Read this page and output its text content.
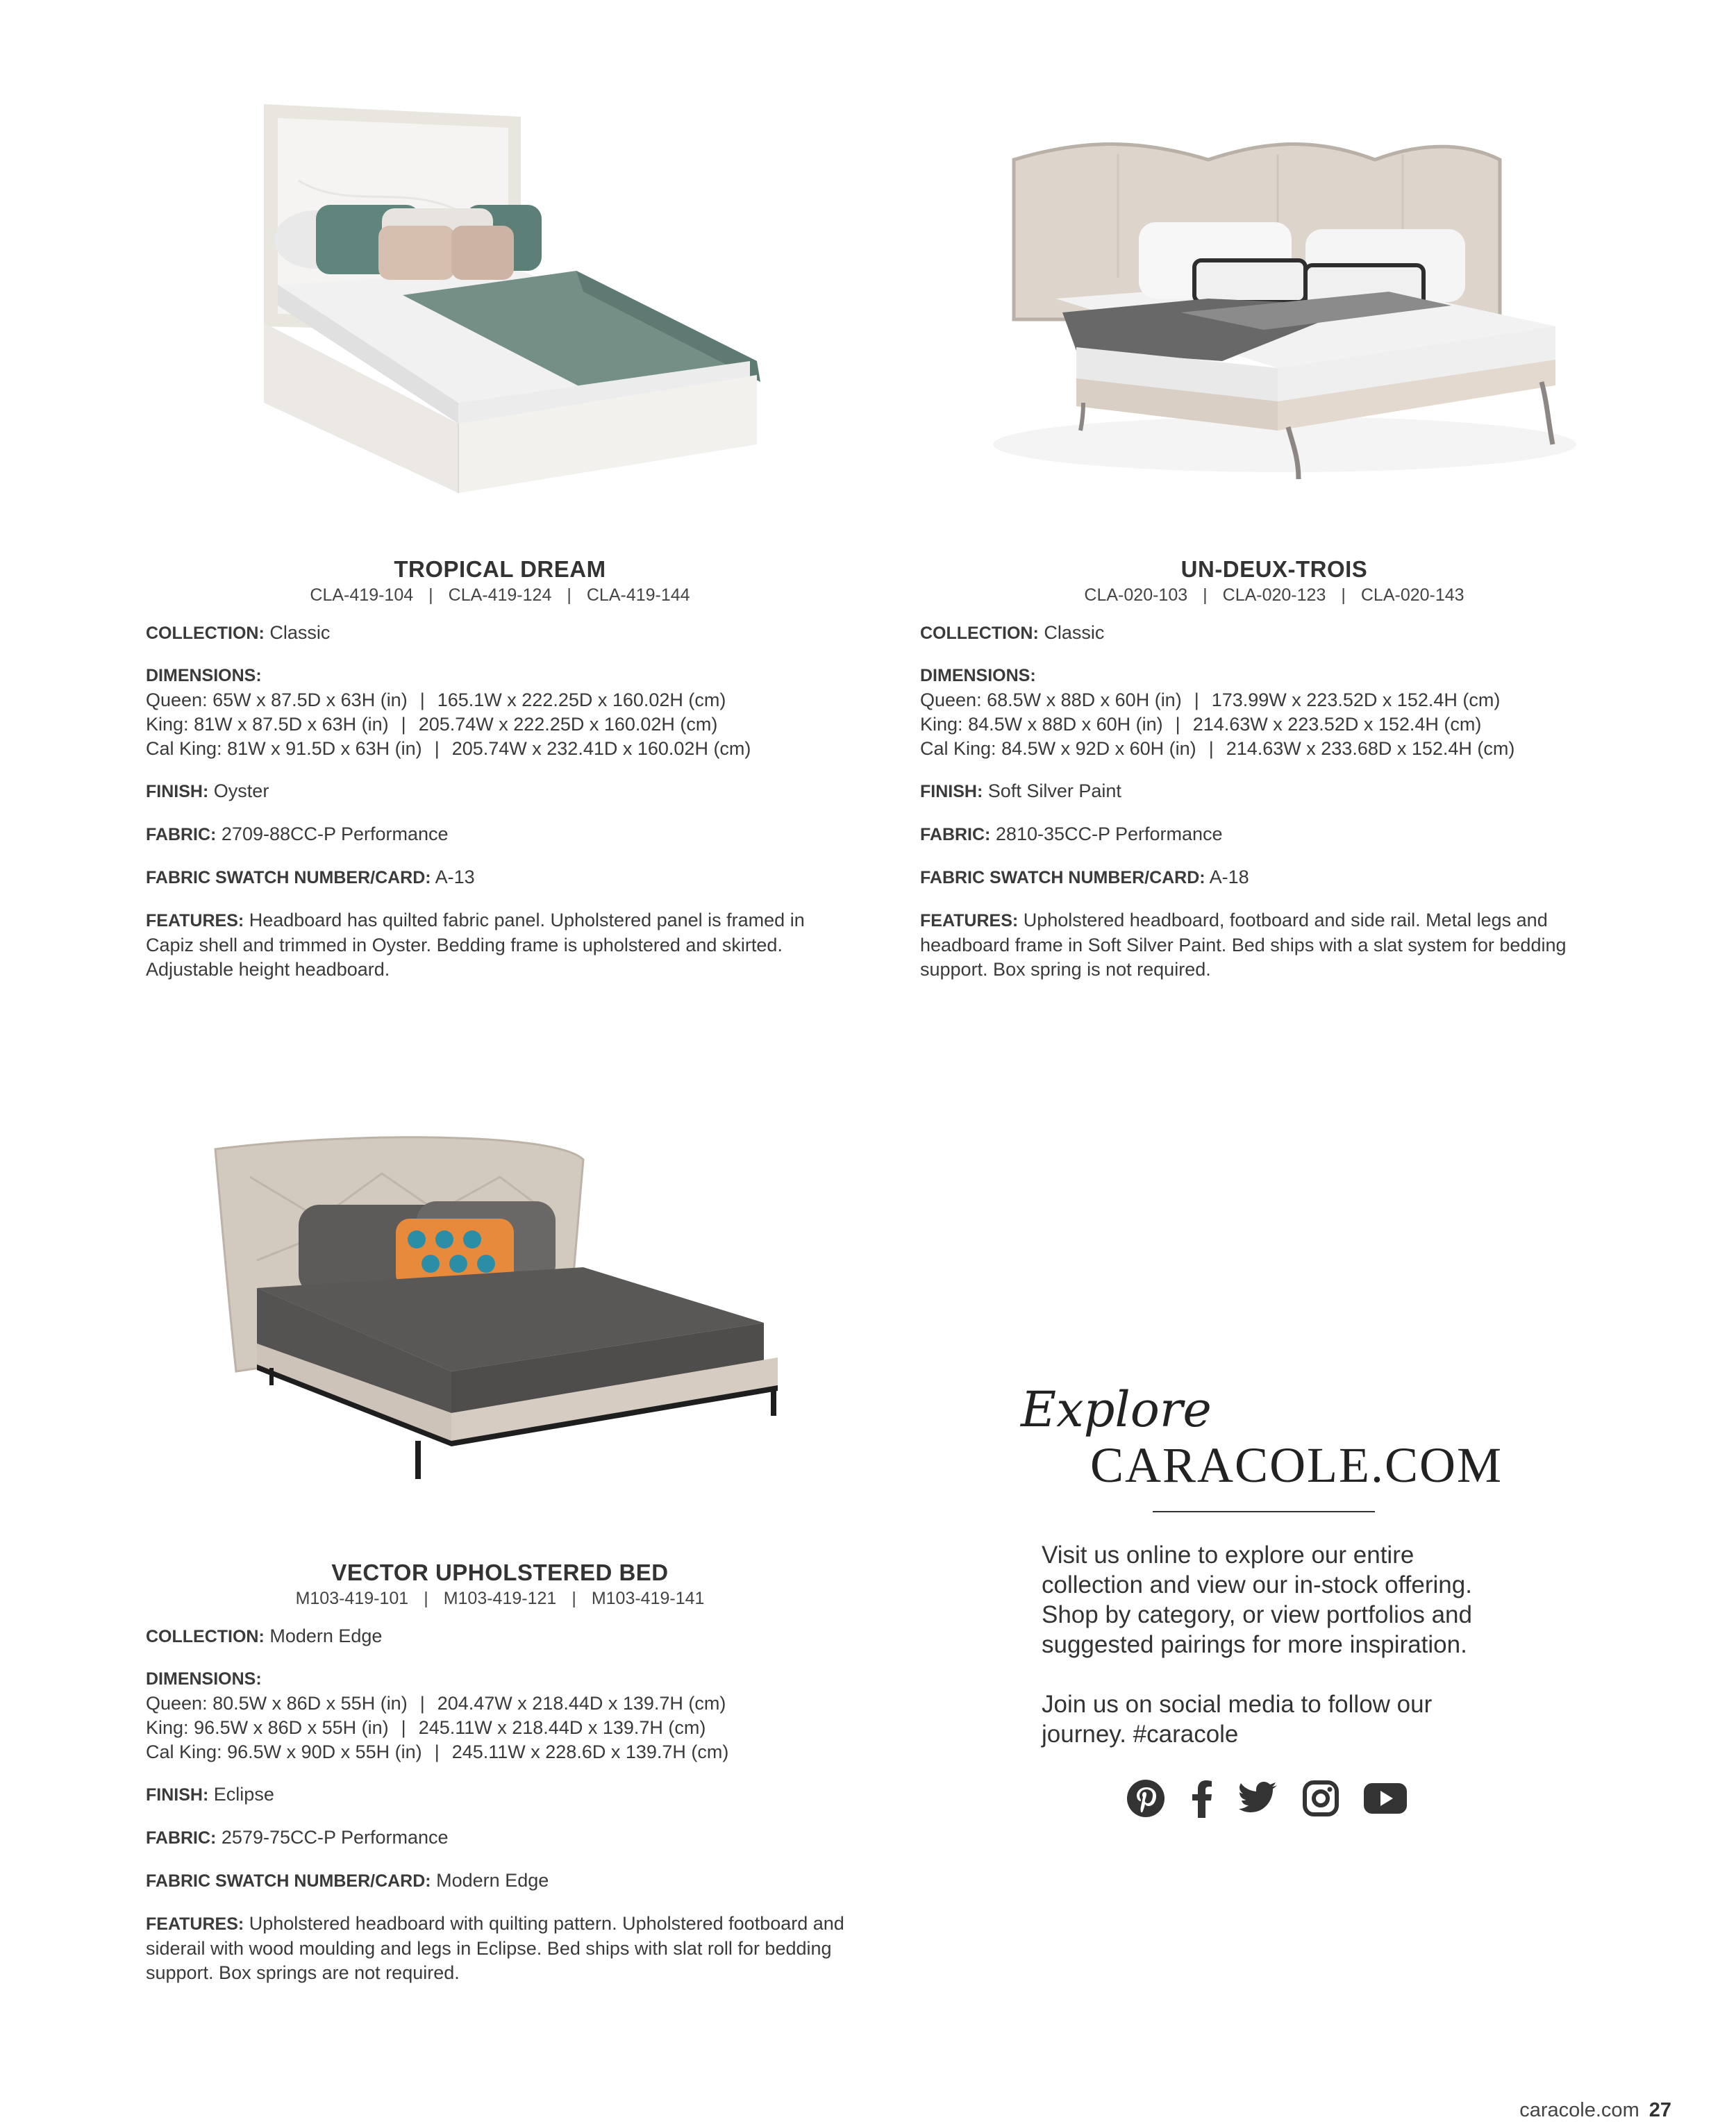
TROPICAL DREAM
CLA-419-104 | CLA-419-124 | CLA-419-144
COLLECTION: Classic
DIMENSIONS:
Queen: 65W x 87.5D x 63H (in) | 165.1W x 222.25D x 160.02H (cm)
King: 81W x 87.5D x 63H (in) | 205.74W x 222.25D x 160.02H (cm)
Cal King: 81W x 91.5D x 63H (in) | 205.74W x 232.41D x 160.02H (cm)
FINISH: Oyster
FABRIC: 2709-88CC-P Performance
FABRIC SWATCH NUMBER/CARD: A-13
FEATURES: Headboard has quilted fabric panel. Upholstered panel is framed in Capiz shell and trimmed in Oyster. Bedding frame is upholstered and skirted. Adjustable height headboard.
UN-DEUX-TROIS
CLA-020-103 | CLA-020-123 | CLA-020-143
COLLECTION: Classic
DIMENSIONS:
Queen: 68.5W x 88D x 60H (in) | 173.99W x 223.52D x 152.4H (cm)
King: 84.5W x 88D x 60H (in) | 214.63W x 223.52D x 152.4H (cm)
Cal King: 84.5W x 92D x 60H (in) | 214.63W x 233.68D x 152.4H (cm)
FINISH: Soft Silver Paint
FABRIC: 2810-35CC-P Performance
FABRIC SWATCH NUMBER/CARD: A-18
FEATURES: Upholstered headboard, footboard and side rail. Metal legs and headboard frame in Soft Silver Paint. Bed ships with a slat system for bedding support. Box spring is not required.
VECTOR UPHOLSTERED BED
M103-419-101 | M103-419-121 | M103-419-141
COLLECTION: Modern Edge
DIMENSIONS:
Queen: 80.5W x 86D x 55H (in) | 204.47W x 218.44D x 139.7H (cm)
King: 96.5W x 86D x 55H (in) | 245.11W x 218.44D x 139.7H (cm)
Cal King: 96.5W x 90D x 55H (in) | 245.11W x 228.6D x 139.7H (cm)
FINISH: Eclipse
FABRIC: 2579-75CC-P Performance
FABRIC SWATCH NUMBER/CARD: Modern Edge
FEATURES: Upholstered headboard with quilting pattern. Upholstered footboard and siderail with wood moulding and legs in Eclipse. Bed ships with slat roll for bedding support. Box springs are not required.
Explore
CARACOLE.COM

Visit us online to explore our entire collection and view our in-stock offering. Shop by category, or view portfolios and suggested pairings for more inspiration.

Join us on social media to follow our journey. #caracole

caracole.com 27
